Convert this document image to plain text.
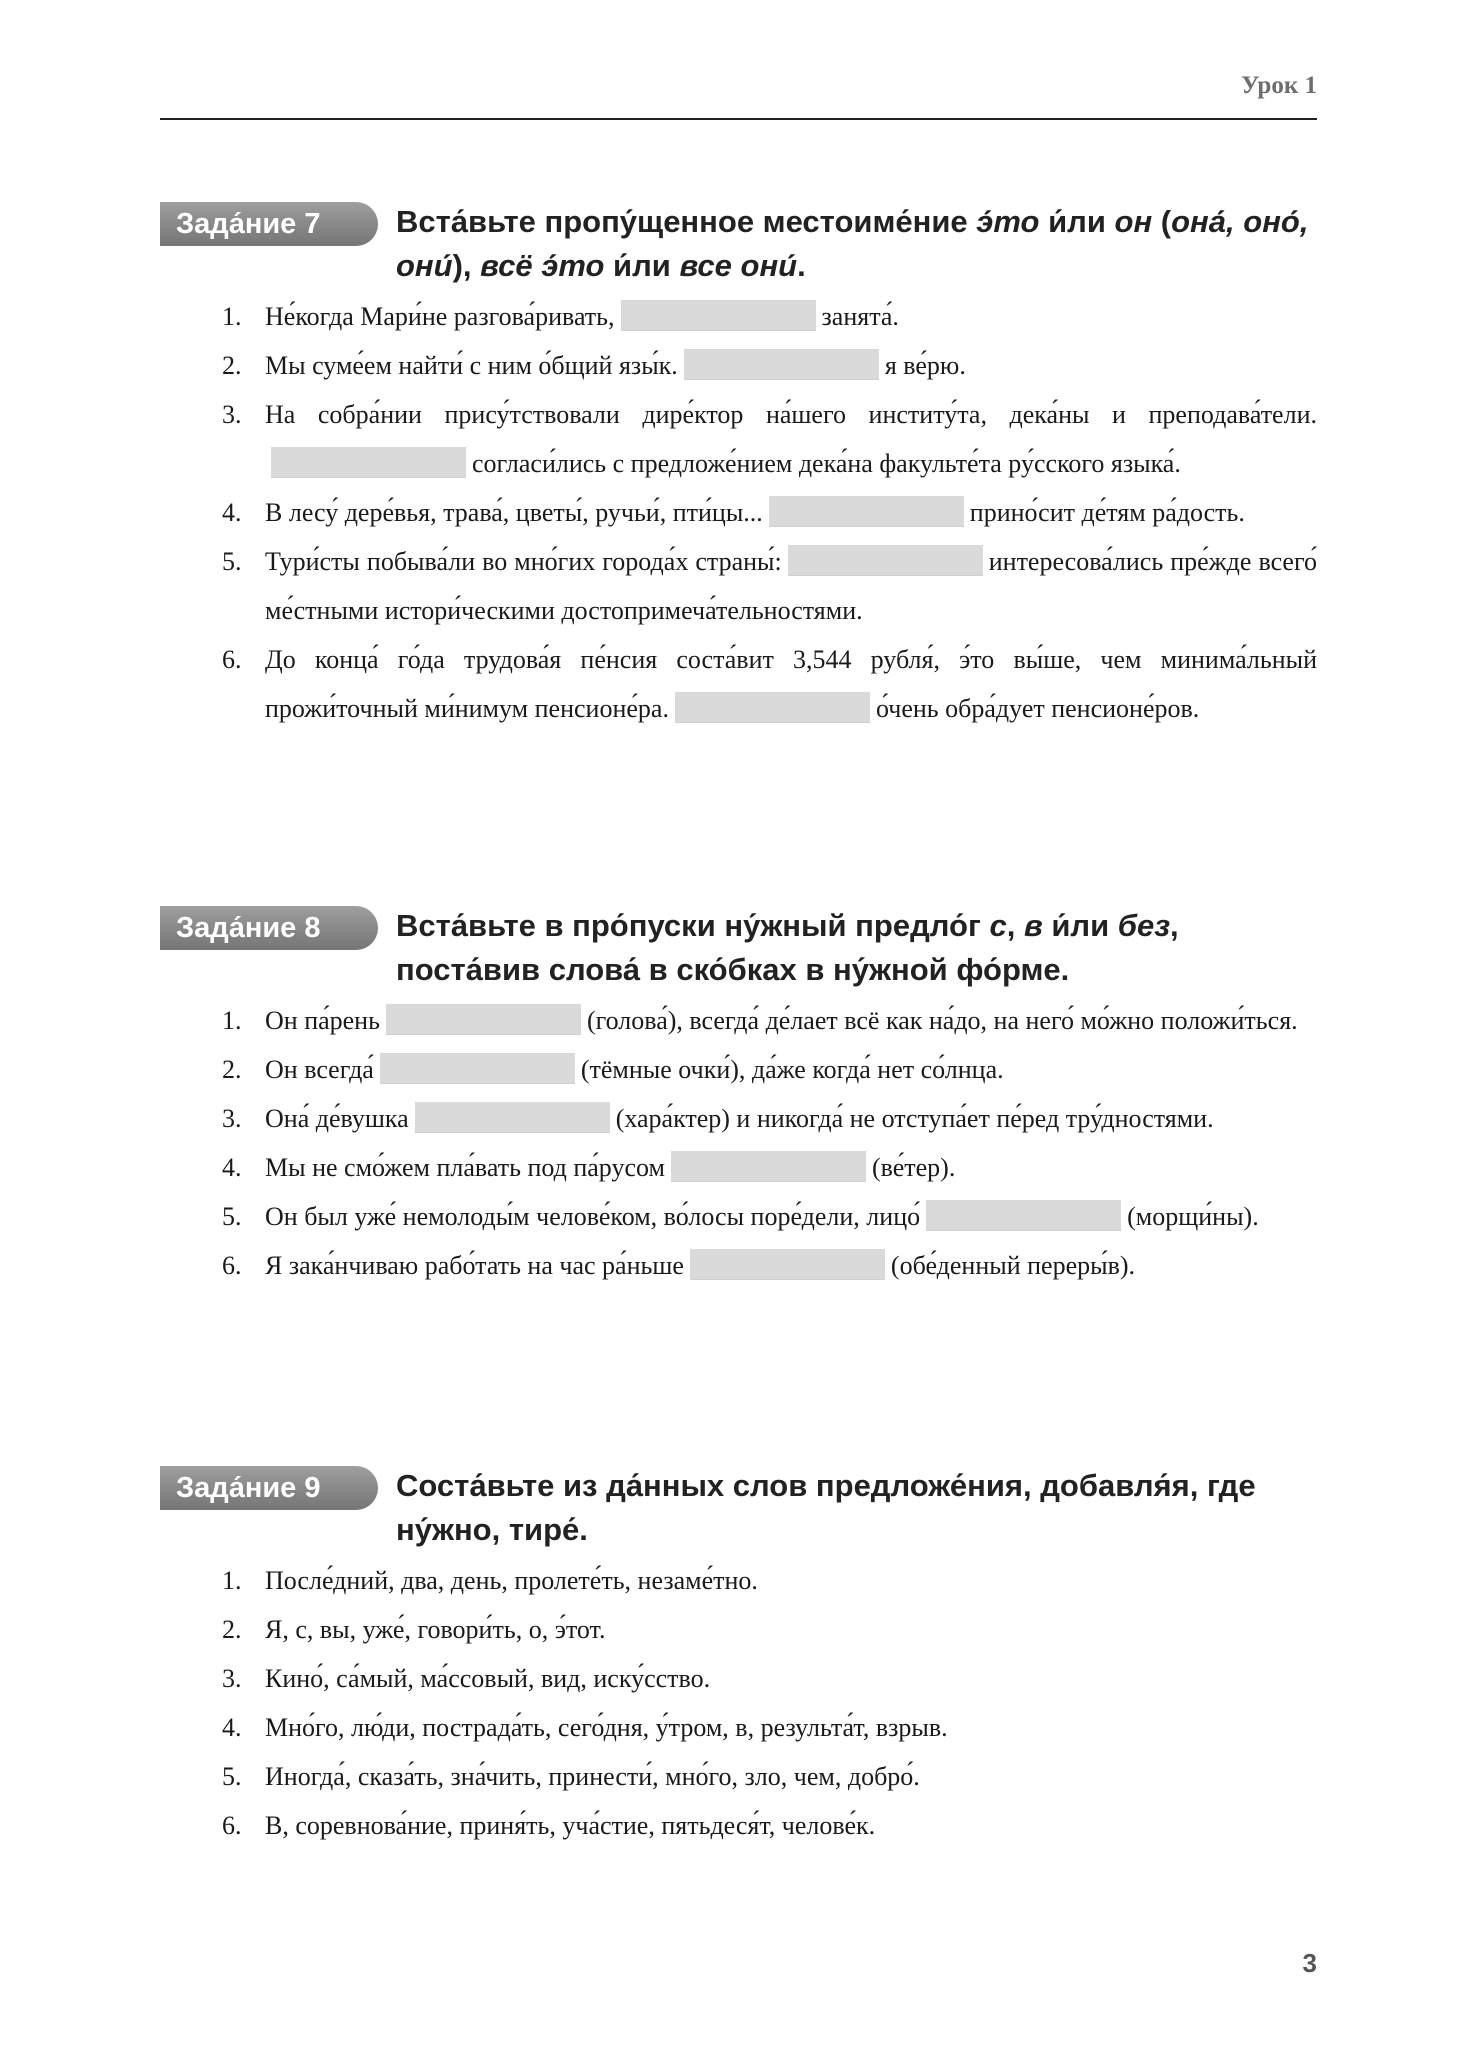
Урок 1
Зада́ние 7	Вста́вьте пропу́щенное местоиме́ние э́то и́ли он (она́, оно́, они́), всё э́то и́ли все они́.
1. Не́когда Мари́не разгова́ривать,	занята́.
2. Мы суме́ем найти́ с ним о́бщий язы́к.	я ве́рю.
3. На собра́нии прису́тствовали дире́ктор на́шего институ́та, дека́ны и преподава́тели.согласи́лись с предложе́нием дека́на факульте́та ру́сского языка́.
4. В лесу́ дере́вья, трава́, цветы́, ручьи́, пти́цы...	прино́сит де́тям ра́дость.
5. Тури́сты побыва́ли во мно́гих города́х страны́:	интересова́лись пре́жде всего́ ме́стными истори́ческими достопримеча́тельностями.
6. До конца́ го́да трудова́я пе́нсия соста́вит 3,544 рубля́, э́то вы́ше, чем минима́льный прожи́точный ми́нимум пенсионе́ра.	о́чень обра́дует пенсионе́ров.
Зада́ние 8	Вста́вьте в про́пуски ну́жный предло́г с, в и́ли без, поста́вив слова́ в ско́бках в ну́жной фо́рме.
1. Он па́рень	(голова́), всегда́ де́лает всё как на́до, на него́ мо́жно положи́ться.
2. Он всегда́	(тёмные очки́), да́же когда́ нет со́лнца.
3. Она́ де́вушка	(хара́ктер) и никогда́ не отступа́ет пе́ред тру́дностями.
4. Мы не смо́жем пла́вать под па́русом	(ве́тер).
5. Он был уже́ немолоды́м челове́ком, во́лосы поре́дели, лицо́	(морщи́ны).
6. Я зака́нчиваю рабо́тать на час ра́ньше	(обе́денный переры́в).
Зада́ние 9	Соста́вьте из да́нных слов предложе́ния, добавля́я, где ну́жно, тире́.
1. После́дний, два, день, пролете́ть, незаме́тно.
2. Я, с, вы, уже́, говори́ть, о, э́тот.
3. Кино́, са́мый, ма́ссовый, вид, иску́сство.
4. Мно́го, лю́ди, пострада́ть, сего́дня, у́тром, в, результа́т, взрыв.
5. Иногда́, сказа́ть, зна́чить, принести́, мно́го, зло, чем, добро́.
6. В, соревнова́ние, приня́ть, уча́стие, пятьдеся́т, челове́к.
3
